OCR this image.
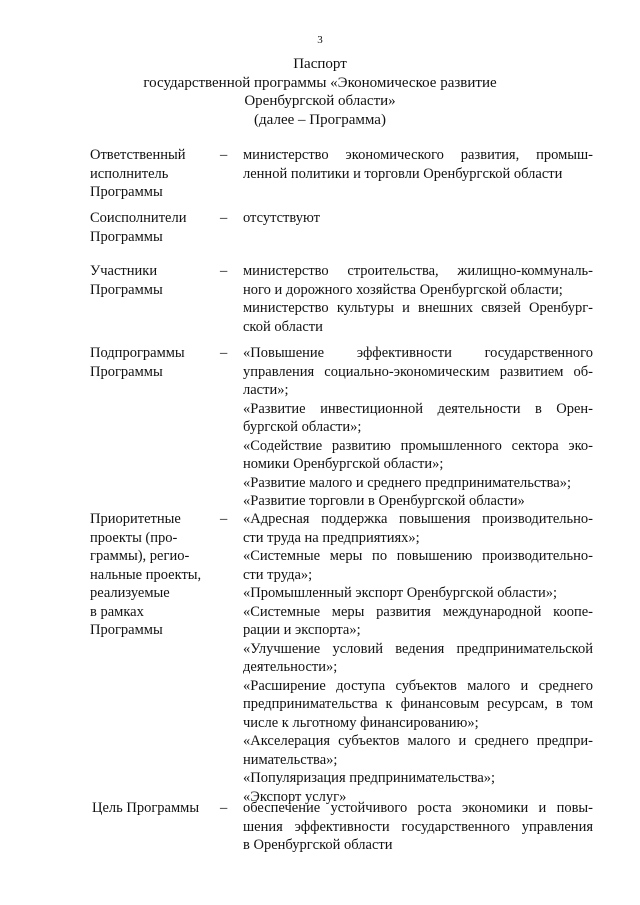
3
Паспорт
государственной программы «Экономическое развитие
Оренбургской области»
(далее – Программа)
Ответственный
исполнитель
Программы
– министерство экономического развития, промыш-
ленной политики и торговли Оренбургской области
Соисполнители
Программы
– отсутствуют
Участники
Программы
– министерство строительства, жилищно-коммуналь-
ного и дорожного хозяйства Оренбургской области;
министерство культуры и внешних связей Оренбург-
ской области
Подпрограммы
Программы
– «Повышение эффективности государственного
управления социально-экономическим развитием об-
ласти»;
«Развитие инвестиционной деятельности в Орен-
бургской области»;
«Содействие развитию промышленного сектора эко-
номики Оренбургской области»;
«Развитие малого и среднего предпринимательства»;
«Развитие торговли в Оренбургской области»
Приоритетные
проекты (про-
граммы), регио-
нальные проекты,
реализуемые
в рамках
Программы
– «Адресная поддержка повышения производительно-
сти труда на предприятиях»;
«Системные меры по повышению производительно-
сти труда»;
«Промышленный экспорт Оренбургской области»;
«Системные меры развития международной коопе-
рации и экспорта»;
«Улучшение условий ведения предпринимательской
деятельности»;
«Расширение доступа субъектов малого и среднего
предпринимательства к финансовым ресурсам, в том
числе к льготному финансированию»;
«Акселерация субъектов малого и среднего предпри-
нимательства»;
«Популяризация предпринимательства»;
«Экспорт услуг»
Цель Программы	– обеспечение устойчивого роста экономики и повы-
шения эффективности государственного управления
в Оренбургской области
